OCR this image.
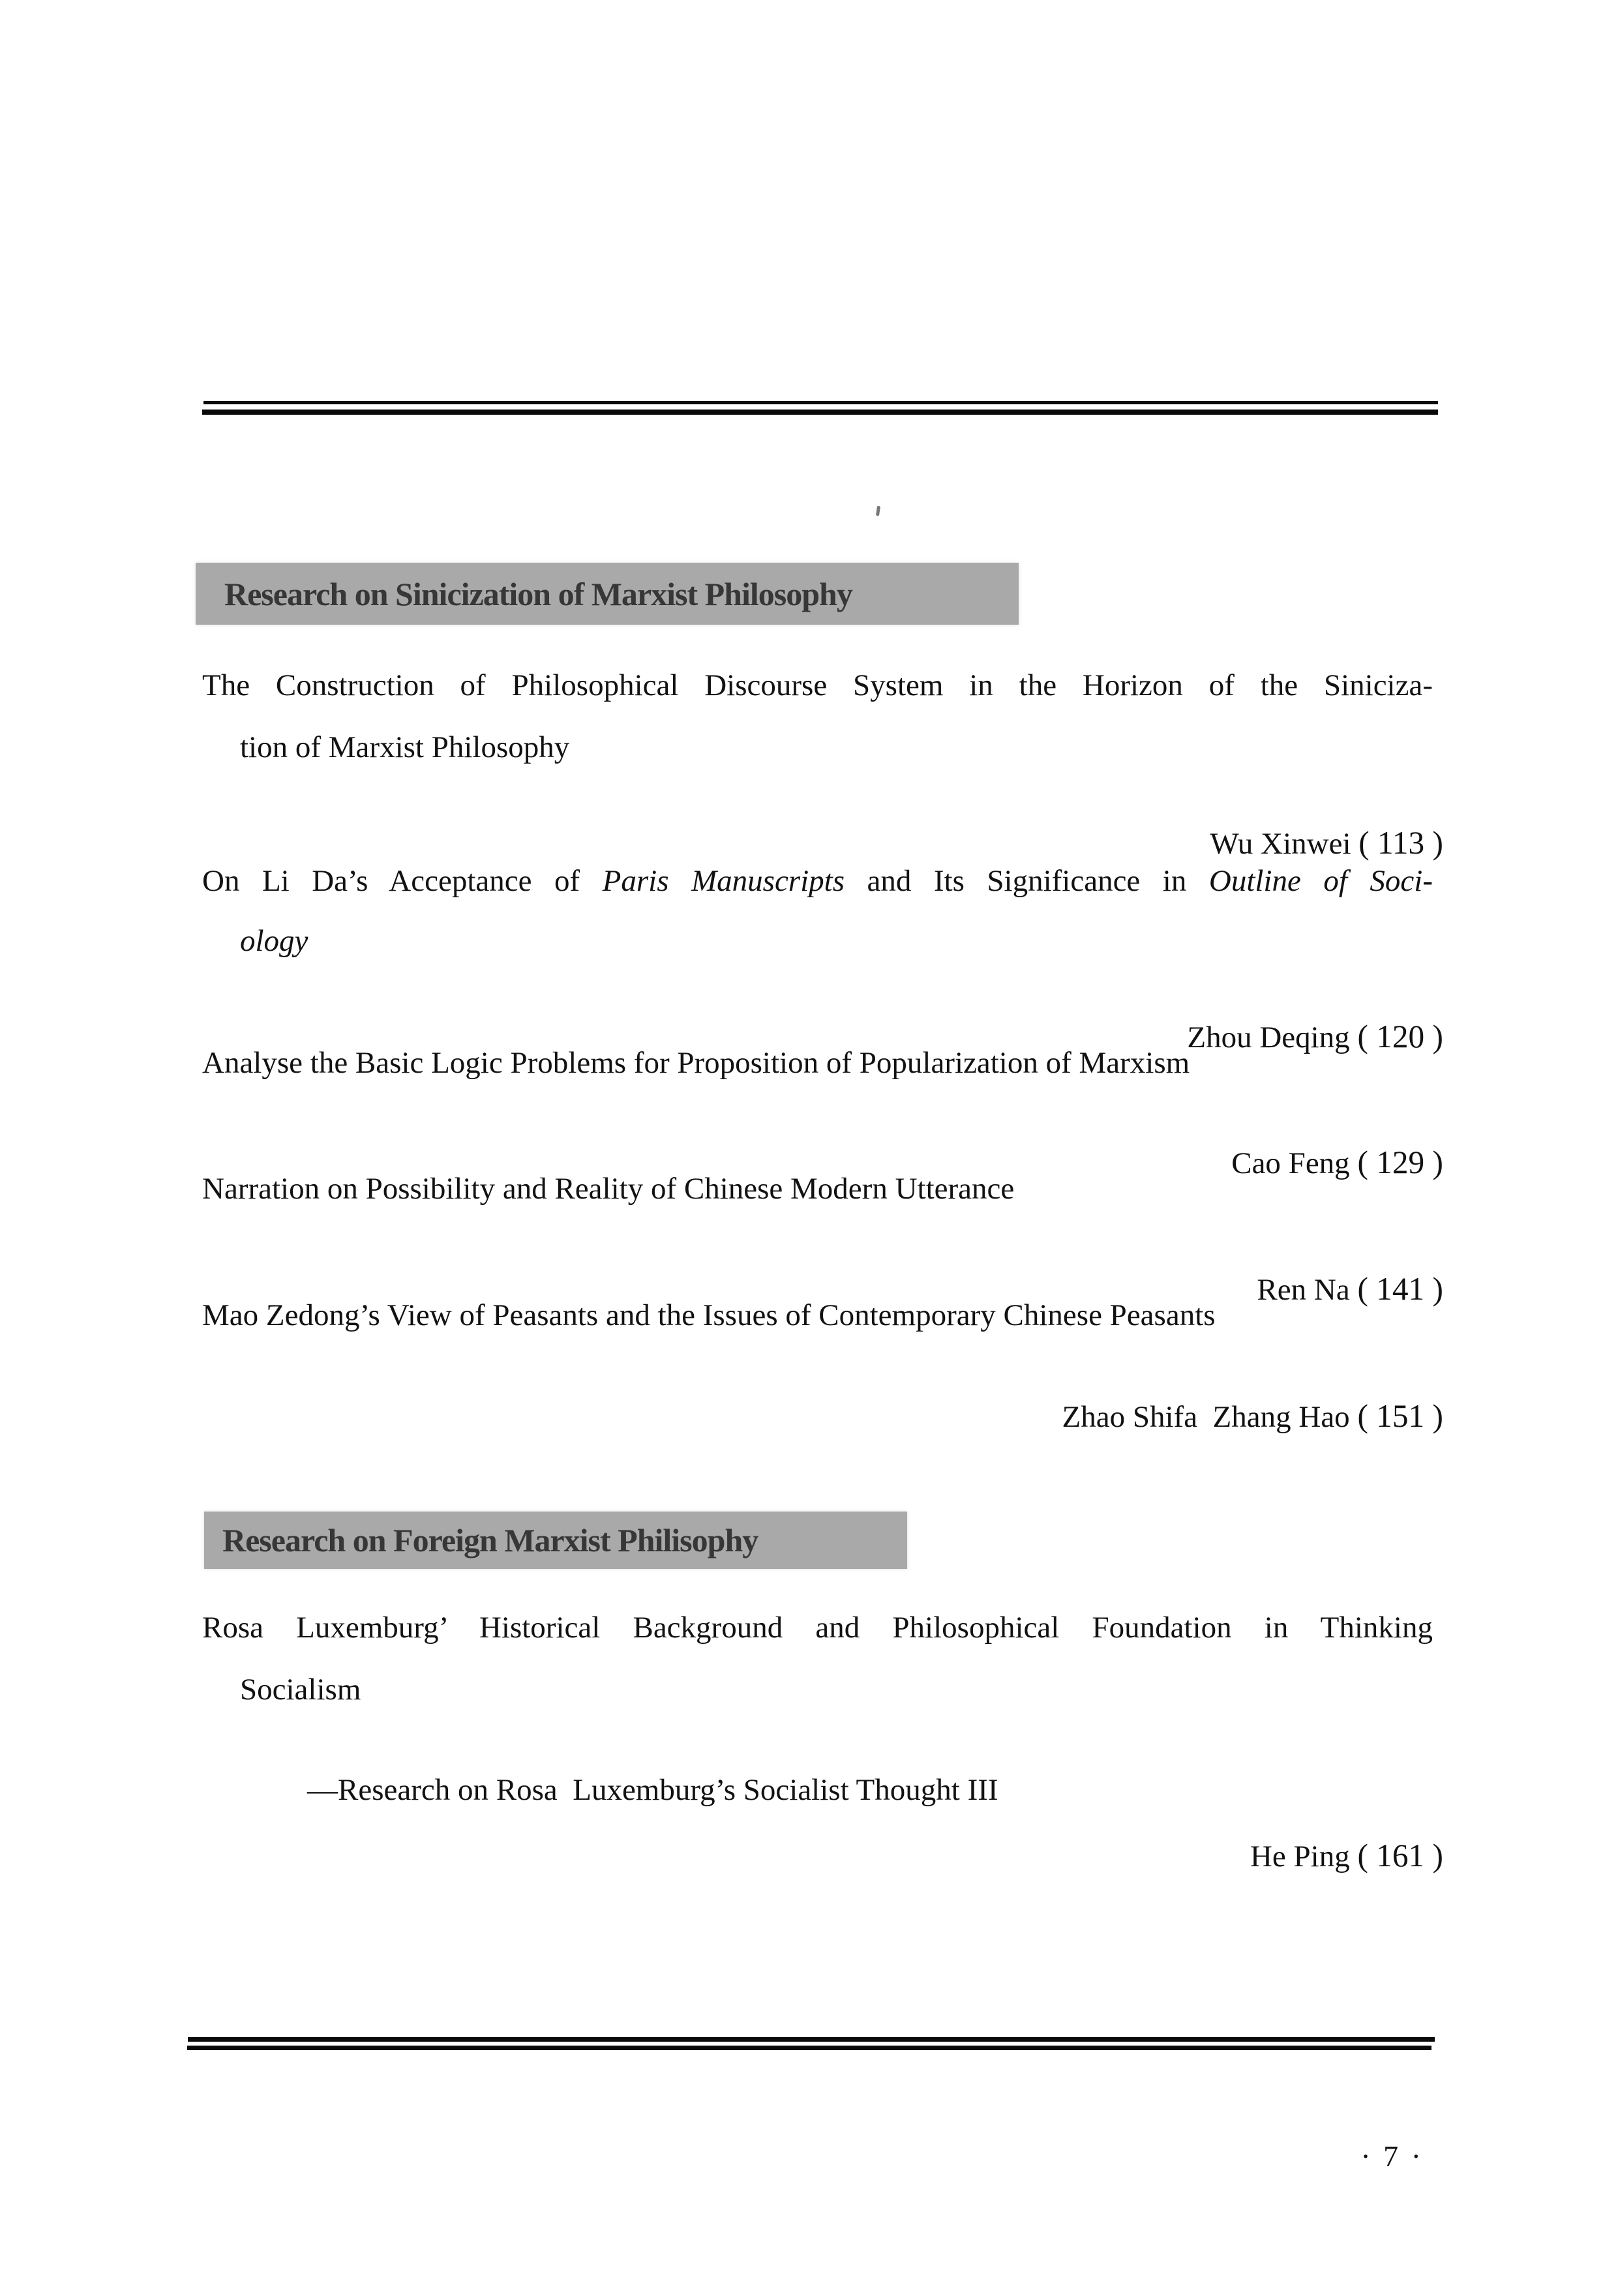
Research on Sinicization of Marxist Philosophy
The Construction of Philosophical Discourse System in the Horizon of the Siniciza-
tion of Marxist Philosophy

Wu Xinwei ( 113 )

On Li Da’s Acceptance of Paris Manuscripts and Its Significance in Outline of Soci-
ology

Zhou Deqing ( 120 )

Analyse the Basic Logic Problems for Proposition of Popularization of Marxism

Cao Feng ( 129 )

Narration on Possibility and Reality of Chinese Modern Utterance

Ren Na ( 141 )

Mao Zedong’s View of Peasants and the Issues of Contemporary Chinese Peasants

Zhao Shifa  Zhang Hao ( 151 )

Research on Foreign Marxist Philisophy
Rosa Luxemburg’ Historical Background and Philosophical Foundation in Thinking
Socialism

—Research on Rosa  Luxemburg’s Socialist Thought III

He Ping ( 161 )

· 7 ·
